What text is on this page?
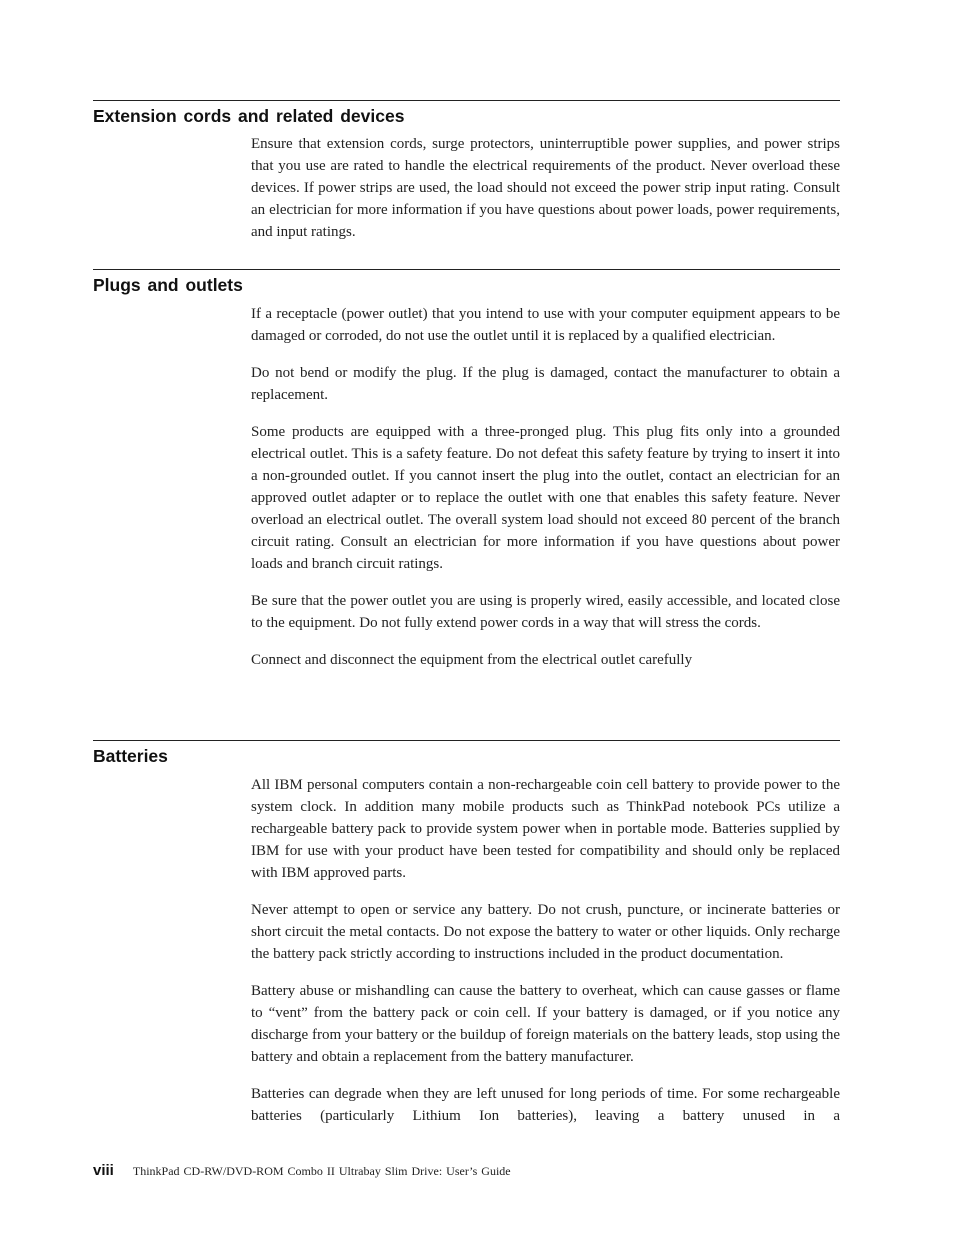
Extension cords and related devices

Ensure that extension cords, surge protectors, uninterruptible power supplies, and power strips that you use are rated to handle the electrical requirements of the product. Never overload these devices. If power strips are used, the load should not exceed the power strip input rating. Consult an electrician for more information if you have questions about power loads, power requirements, and input ratings.

Plugs and outlets

If a receptacle (power outlet) that you intend to use with your computer equipment appears to be damaged or corroded, do not use the outlet until it is replaced by a qualified electrician.

Do not bend or modify the plug. If the plug is damaged, contact the manufacturer to obtain a replacement.

Some products are equipped with a three-pronged plug. This plug fits only into a grounded electrical outlet. This is a safety feature. Do not defeat this safety feature by trying to insert it into a non-grounded outlet. If you cannot insert the plug into the outlet, contact an electrician for an approved outlet adapter or to replace the outlet with one that enables this safety feature. Never overload an electrical outlet. The overall system load should not exceed 80 percent of the branch circuit rating. Consult an electrician for more information if you have questions about power loads and branch circuit ratings.

Be sure that the power outlet you are using is properly wired, easily accessible, and located close to the equipment. Do not fully extend power cords in a way that will stress the cords.

Connect and disconnect the equipment from the electrical outlet carefully

Batteries

All IBM personal computers contain a non-rechargeable coin cell battery to provide power to the system clock. In addition many mobile products such as ThinkPad notebook PCs utilize a rechargeable battery pack to provide system power when in portable mode. Batteries supplied by IBM for use with your product have been tested for compatibility and should only be replaced with IBM approved parts.

Never attempt to open or service any battery. Do not crush, puncture, or incinerate batteries or short circuit the metal contacts. Do not expose the battery to water or other liquids. Only recharge the battery pack strictly according to instructions included in the product documentation.

Battery abuse or mishandling can cause the battery to overheat, which can cause gasses or flame to “vent” from the battery pack or coin cell. If your battery is damaged, or if you notice any discharge from your battery or the buildup of foreign materials on the battery leads, stop using the battery and obtain a replacement from the battery manufacturer.

Batteries can degrade when they are left unused for long periods of time. For some rechargeable batteries (particularly Lithium Ion batteries), leaving a battery unused in a

viii ThinkPad CD-RW/DVD-ROM Combo II Ultrabay Slim Drive: User’s Guide
